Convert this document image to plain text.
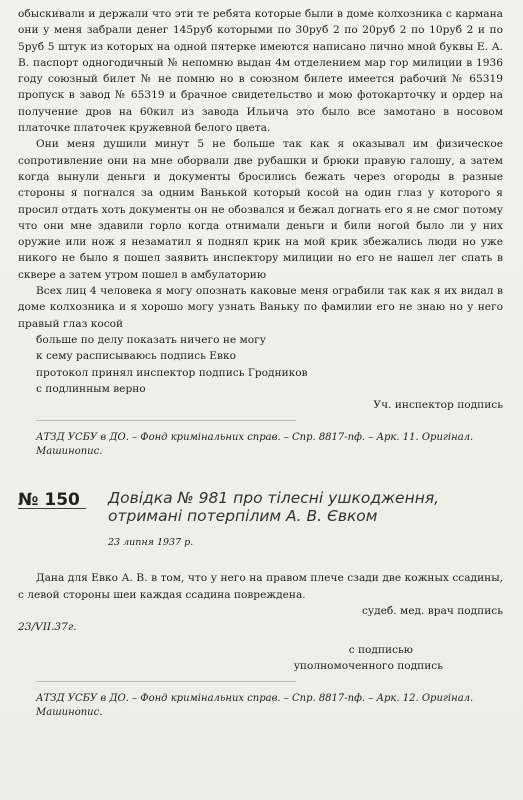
обыскивали и держали что эти те ребята которые были в доме колхозника с кармана они у меня забрали денег 145руб которыми по 30руб 2 по 20руб 2 по 10руб 2 и по 5руб 5 штук из которых на одной пятерке имеются написано лично мной буквы Е. А. В. паспорт одногодичный № непомню выдан 4м отделением мар гор милиции в 1936 году союзный билет № не помню но в союзном билете имеется рабочий № 65319 пропуск в завод № 65319 и брачное свидетельство и мою фотокарточку и ордер на получение дров на 60кил из завода Ильича это было все замотано в носовом платочке платочек кружевной белого цвета.

Они меня душили минут 5 не больше так как я оказывал им физическое сопротивление они на мне оборвали две рубашки и брюки правую галошу, а затем когда вынули деньги и документы бросились бежать через огороды в разные стороны я погнался за одним Ванькой который косой на один глаз у которого я просил отдать хоть документы он не обозвался и бежал догнать его я не смог потому что они мне здавили горло когда отнимали деньги и били ногой было ли у них оружие или нож я незаматил я поднял крик на мой крик збежались люди но уже никого не было я пошел заявить инспектору милиции но его не нашел лег спать в сквере а затем утром пошел в амбулаторию

Всех лиц 4 человека я могу опознать каковые меня ограбили так как я их видал в доме колхозника и я хорошо могу узнать Ваньку по фамилии его не знаю но у него правый глаз косой

больше по делу показать ничего не могу

к сему расписываюсь подпись Евко

протокол принял инспектор подпись Гродников

с подлинным верно

Уч. инспектор подпись

АТЗД УСБУ в ДО. – Фонд кримінальних справ. – Спр. 8817-пф. – Арк. 11. Оригінал. Машинопис.
№ 150	Довідка № 981 про тілесні ушкодження, отримані потерпілим А. В. Євком
23 липня 1937 р.

Дана для Евко А. В. в том, что у него на правом плече сзади две кожных ссадины, с левой стороны шеи каждая ссадина повреждена.

судеб. мед. врач подпись

23/VII.37г.
с подписью
уполномоченного подпись
АТЗД УСБУ в ДО. – Фонд кримінальних справ. – Спр. 8817-пф. – Арк. 12. Оригінал. Машинопис.
